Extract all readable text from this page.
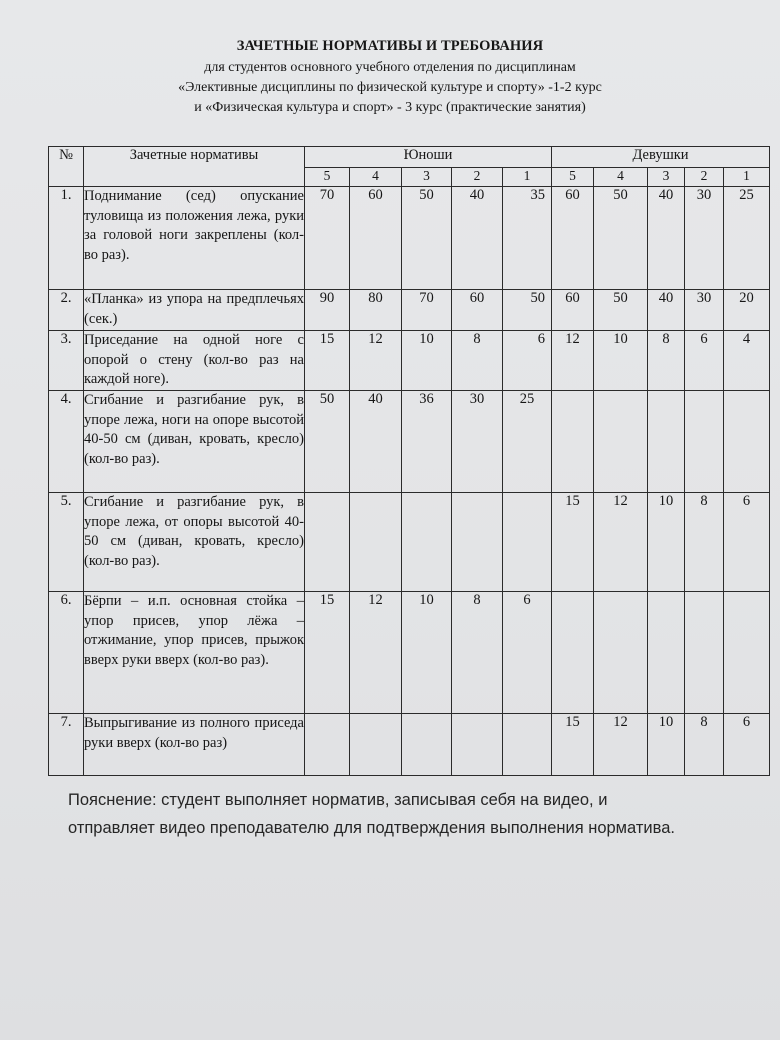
ЗАЧЕТНЫЕ НОРМАТИВЫ И ТРЕБОВАНИЯ
для студентов основного учебного отделения по дисциплинам
«Элективные дисциплины по физической культуре и спорту» -1-2 курс
и «Физическая культура и спорт» - 3 курс (практические занятия)
№	Зачетные нормативы	Юноши					Девушки				
		5	4	3	2	1	5	4	3	2	1
1.	Поднимание (сед) опускание туловища из положения лежа, руки за головой ноги закреплены (кол-во раз).	70	60	50	40	35	60	50	40	30	25
2.	«Планка» из упора на предплечьях (сек.)	90	80	70	60	50	60	50	40	30	20
3.	Приседание на одной ноге с опорой о стену (кол-во раз на каждой ноге).	15	12	10	8	6	12	10	8	6	4
4.	Сгибание и разгибание рук, в упоре лежа, ноги на опоре высотой 40-50 см (диван, кровать, кресло) (кол-во раз).	50	40	36	30	25					
5.	Сгибание и разгибание рук, в упоре лежа, от опоры высотой 40-50 см (диван, кровать, кресло) (кол-во раз).						15	12	10	8	6
6.	Бёрпи – и.п. основная стойка – упор присев, упор лёжа – отжимание, упор присев, прыжок вверх руки вверх (кол-во раз).	15	12	10	8	6					
7.	Выпрыгивание из полного приседа руки вверх (кол-во раз)						15	12	10	8	6
Пояснение: студент выполняет норматив, записывая себя на видео, и
отправляет видео преподавателю для подтверждения выполнения норматива.
